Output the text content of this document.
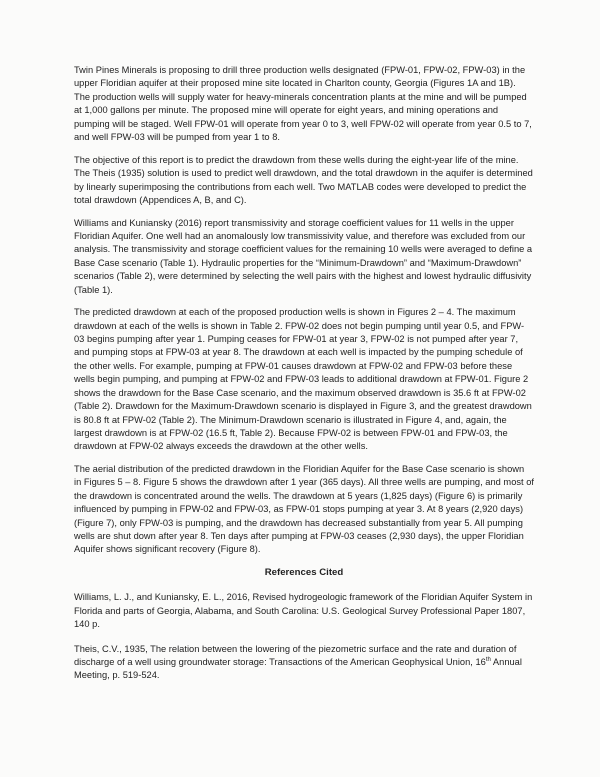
Twin Pines Minerals is proposing to drill three production wells designated (FPW-01, FPW-02, FPW-03) in the upper Floridian aquifer at their proposed mine site located in Charlton county, Georgia (Figures 1A and 1B). The production wells will supply water for heavy-minerals concentration plants at the mine and will be pumped at 1,000 gallons per minute. The proposed mine will operate for eight years, and mining operations and pumping will be staged. Well FPW-01 will operate from year 0 to 3, well FPW-02 will operate from year 0.5 to 7, and well FPW-03 will be pumped from year 1 to 8.

The objective of this report is to predict the drawdown from these wells during the eight-year life of the mine. The Theis (1935) solution is used to predict well drawdown, and the total drawdown in the aquifer is determined by linearly superimposing the contributions from each well. Two MATLAB codes were developed to predict the total drawdown (Appendices A, B, and C).

Williams and Kuniansky (2016) report transmissivity and storage coefficient values for 11 wells in the upper Floridian Aquifer. One well had an anomalously low transmissivity value, and therefore was excluded from our analysis. The transmissivity and storage coefficient values for the remaining 10 wells were averaged to define a Base Case scenario (Table 1). Hydraulic properties for the “Minimum-Drawdown” and “Maximum-Drawdown” scenarios (Table 2), were determined by selecting the well pairs with the highest and lowest hydraulic diffusivity (Table 1).

The predicted drawdown at each of the proposed production wells is shown in Figures 2 – 4. The maximum drawdown at each of the wells is shown in Table 2. FPW-02 does not begin pumping until year 0.5, and FPW-03 begins pumping after year 1. Pumping ceases for FPW-01 at year 3, FPW-02 is not pumped after year 7, and pumping stops at FPW-03 at year 8. The drawdown at each well is impacted by the pumping schedule of the other wells. For example, pumping at FPW-01 causes drawdown at FPW-02 and FPW-03 before these wells begin pumping, and pumping at FPW-02 and FPW-03 leads to additional drawdown at FPW-01. Figure 2 shows the drawdown for the Base Case scenario, and the maximum observed drawdown is 35.6 ft at FPW-02 (Table 2). Drawdown for the Maximum-Drawdown scenario is displayed in Figure 3, and the greatest drawdown is 80.8 ft at FPW-02 (Table 2). The Minimum-Drawdown scenario is illustrated in Figure 4, and, again, the largest drawdown is at FPW-02 (16.5 ft, Table 2). Because FPW-02 is between FPW-01 and FPW-03, the drawdown at FPW-02 always exceeds the drawdown at the other wells.

The aerial distribution of the predicted drawdown in the Floridian Aquifer for the Base Case scenario is shown in Figures 5 – 8. Figure 5 shows the drawdown after 1 year (365 days). All three wells are pumping, and most of the drawdown is concentrated around the wells. The drawdown at 5 years (1,825 days) (Figure 6) is primarily influenced by pumping in FPW-02 and FPW-03, as FPW-01 stops pumping at year 3. At 8 years (2,920 days) (Figure 7), only FPW-03 is pumping, and the drawdown has decreased substantially from year 5. All pumping wells are shut down after year 8. Ten days after pumping at FPW-03 ceases (2,930 days), the upper Floridian Aquifer shows significant recovery (Figure 8).

References Cited

Williams, L. J., and Kuniansky, E. L., 2016, Revised hydrogeologic framework of the Floridian Aquifer System in Florida and parts of Georgia, Alabama, and South Carolina: U.S. Geological Survey Professional Paper 1807, 140 p.

Theis, C.V., 1935, The relation between the lowering of the piezometric surface and the rate and duration of discharge of a well using groundwater storage: Transactions of the American Geophysical Union, 16th Annual Meeting, p. 519-524.
